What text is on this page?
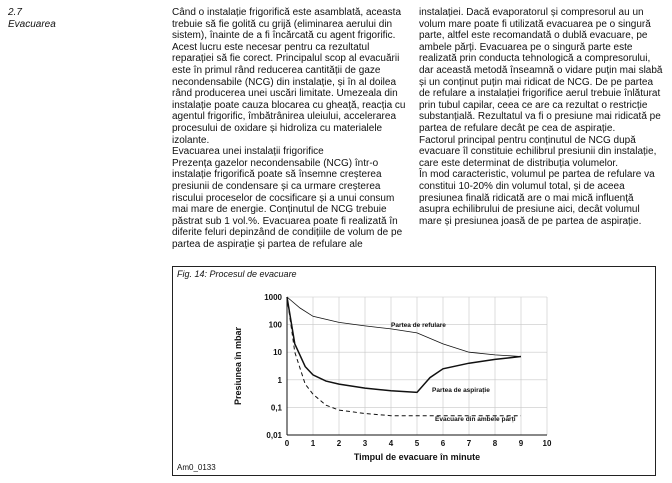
2.7
Evacuarea

Când o instalație frigorifică este asamblată, aceasta trebuie să fie golită cu grijă (eliminarea aerului din sistem), înainte de a fi încărcată cu agent frigorific. Acest lucru este necesar pentru ca rezultatul reparației să fie corect. Principalul scop al evacuării este în primul rând reducerea cantității de gaze necondensabile (NCG) din instalație, și în al doilea rând producerea unei uscări limitate. Umezeala din instalație poate cauza blocarea cu gheață, reacția cu agentul frigorific, îmbătrânirea uleiului, accelerarea procesului de oxidare și hidroliza cu materialele izolante.

Evacuarea unei instalații frigorifice

Prezența gazelor necondensabile (NCG) într-o instalație frigorifică poate să însemne creșterea presiunii de condensare și ca urmare creșterea riscului proceselor de cocsificare și a unui consum mai mare de energie. Conținutul de NCG trebuie păstrat sub 1 vol.%. Evacuarea poate fi realizată în diferite feluri depinzând de condițiile de volum de pe partea de aspirație și partea de refulare ale

instalației. Dacă evaporatorul și compresorul au un volum mare poate fi utilizată evacuarea pe o singură parte, altfel este recomandată o dublă evacuare, pe ambele părți. Evacuarea pe o singură parte este realizată prin conducta tehnologică a compresorului, dar această metodă înseamnă o vidare puțin mai slabă și un conținut puțin mai ridicat de NCG. De pe partea de refulare a instalației frigorifice aerul trebuie înlăturat prin tubul capilar, ceea ce are ca rezultat o restricție substanțială. Rezultatul va fi o presiune mai ridicată pe partea de refulare decât pe cea de aspirație.

Factorul principal pentru conținutul de NCG după evacuare îl constituie echilibrul presiunii din instalație, care este determinat de distribuția volumelor.

În mod caracteristic, volumul pe partea de refulare va constitui 10-20% din volumul total, și de aceea presiunea finală ridicată are o mai mică influență asupra echilibrului de presiune aici, decât volumul mare și presiunea joasă de pe partea de aspirație.

0	1	2	3	4	5	6	7	8	9 10
1000
100
10
1
0,1
0,01
Timpul de evacuare în minute
Presiunea în mbar
Partea de refulare
Partea de aspirație
Evacuare din ambele părți
Fig. 14: Procesul de evacuare
Am0_0133
